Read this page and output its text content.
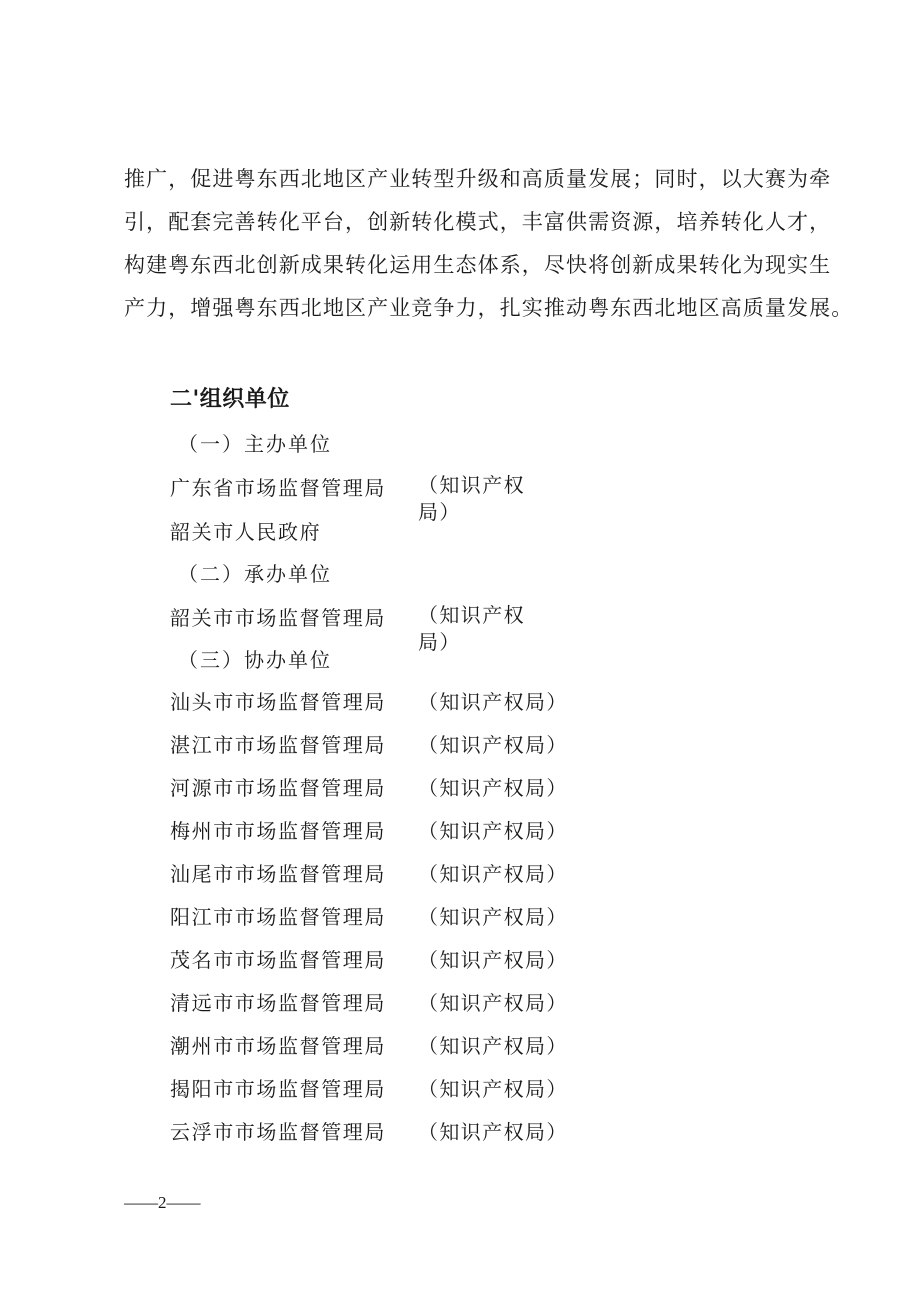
推广，促进粤东西北地区产业转型升级和高质量发展；同时，以大赛为牵
引，配套完善转化平台，创新转化模式，丰富供需资源，培养转化人才，
构建粤东西北创新成果转化运用生态体系，尽快将创新成果转化为现实生
产力，增强粤东西北地区产业竞争力，扎实推动粤东西北地区高质量发展。
二'组织单位
（一）主办单位
广东省市场监督管理局 （知识产权局）
韶关市人民政府
（二）承办单位
韶关市市场监督管理局 （知识产权局）
（三）协办单位
汕头市市场监督管理局 （知识产权局）
湛江市市场监督管理局 （知识产权局）
河源市市场监督管理局 （知识产权局）
梅州市市场监督管理局 （知识产权局）
汕尾市市场监督管理局 （知识产权局）
阳江市市场监督管理局 （知识产权局）
茂名市市场监督管理局 （知识产权局）
清远市市场监督管理局 （知识产权局）
潮州市市场监督管理局 （知识产权局）
揭阳市市场监督管理局 （知识产权局）
云浮市市场监督管理局 （知识产权局）
——2——
